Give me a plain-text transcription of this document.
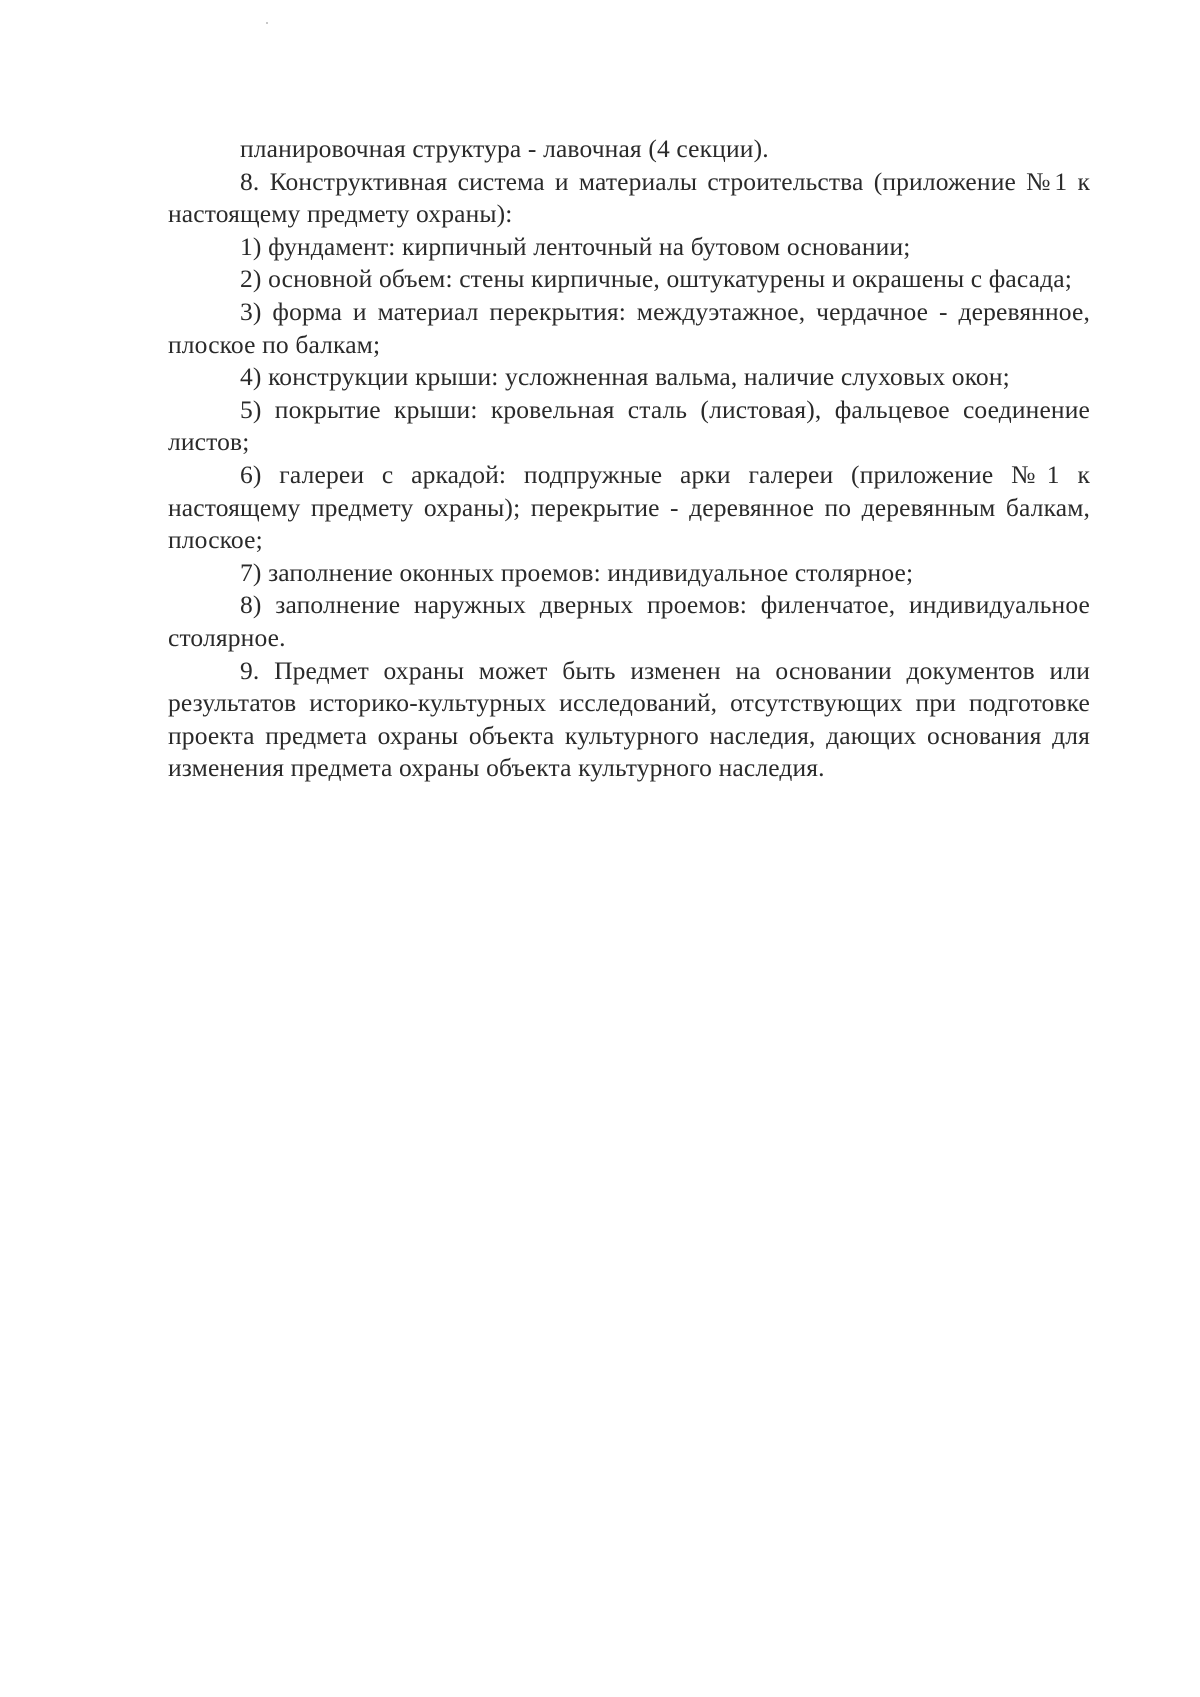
планировочная структура - лавочная (4 секции).

8. Конструктивная система и материалы строительства (приложение №1 к настоящему предмету охраны):

1) фундамент: кирпичный ленточный на бутовом основании;

2) основной объем: стены кирпичные, оштукатурены и окрашены с фасада;

3) форма и материал перекрытия: междуэтажное, чердачное - деревянное, плоское по балкам;

4) конструкции крыши: усложненная вальма, наличие слуховых окон;

5) покрытие крыши: кровельная сталь (листовая), фальцевое соединение листов;

6) галереи с аркадой: подпружные арки галереи (приложение №1 к настоящему предмету охраны); перекрытие - деревянное по деревянным балкам, плоское;

7) заполнение оконных проемов: индивидуальное столярное;

8) заполнение наружных дверных проемов: филенчатое, индивидуальное столярное.

9. Предмет охраны может быть изменен на основании документов или результатов историко-культурных исследований, отсутствующих при подготовке проекта предмета охраны объекта культурного наследия, дающих основания для изменения предмета охраны объекта культурного наследия.
